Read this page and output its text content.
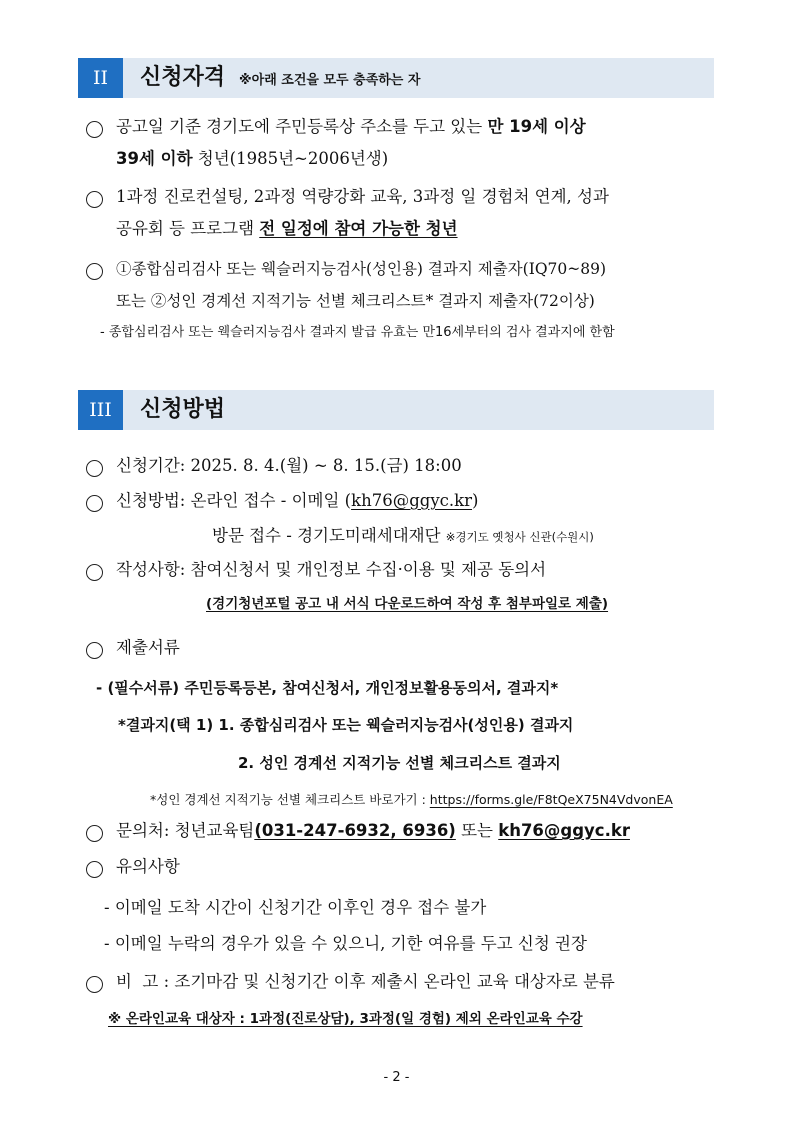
II	신청자격 ※아래 조건을 모두 충족하는 자
공고일 기준 경기도에 주민등록상 주소를 두고 있는 만 19세 이상
39세 이하 청년(1985년~2006년생)
1과정 진로컨설팅, 2과정 역량강화 교육, 3과정 일 경험처 연계, 성과
공유회 등 프로그램 전 일정에 참여 가능한 청년
①종합심리검사 또는 웩슬러지능검사(성인용) 결과지 제출자(IQ70~89)
또는 ②성인 경계선 지적기능 선별 체크리스트* 결과지 제출자(72이상)
- 종합심리검사 또는 웩슬러지능검사 결과지 발급 유효는 만16세부터의 검사 결과지에 한함
III	신청방법
신청기간: 2025. 8. 4.(월) ~ 8. 15.(금) 18:00
신청방법: 온라인 접수 - 이메일 (kh76@ggyc.kr)
방문 접수 - 경기도미래세대재단 ※경기도 옛청사 신관(수원시)
작성사항: 참여신청서 및 개인정보 수집·이용 및 제공 동의서
(경기청년포털 공고 내 서식 다운로드하여 작성 후 첨부파일로 제출)
제출서류
- (필수서류) 주민등록등본, 참여신청서, 개인정보활용동의서, 결과지*
*결과지(택 1) 1. 종합심리검사 또는 웩슬러지능검사(성인용) 결과지
2. 성인 경계선 지적기능 선별 체크리스트 결과지
*성인 경계선 지적기능 선별 체크리스트 바로가기 : https://forms.gle/F8tQeX75N4VdvonEA
문의처: 청년교육팀(031-247-6932, 6936) 또는 kh76@ggyc.kr
유의사항
- 이메일 도착 시간이 신청기간 이후인 경우 접수 불가
- 이메일 누락의 경우가 있을 수 있으니, 기한 여유를 두고 신청 권장
비  고 : 조기마감 및 신청기간 이후 제출시 온라인 교육 대상자로 분류
※ 온라인교육 대상자 : 1과정(진로상담), 3과정(일 경험) 제외 온라인교육 수강
- 2 -
